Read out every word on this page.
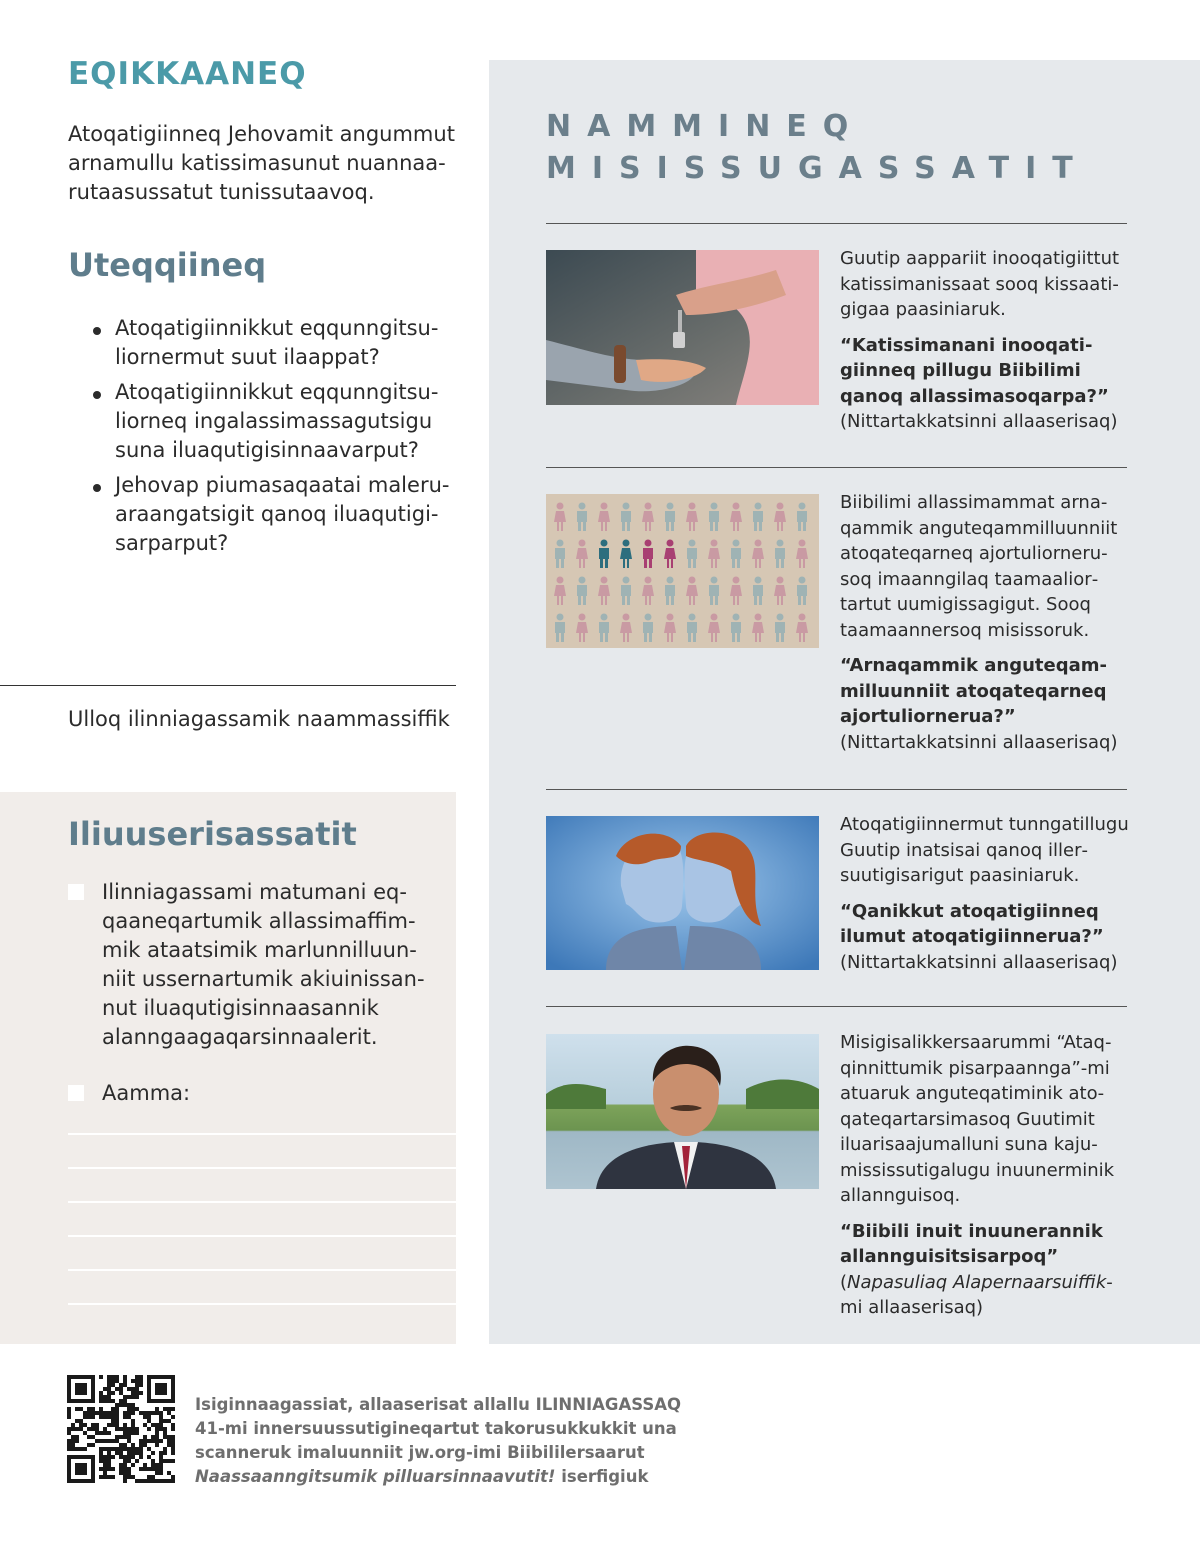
EQIKKAANEQ

Atoqatigiinneq Jehovamit angummut arnamullu katissimasunut nuannaarutaasussatut tunissutaavoq.

Uteqqiineq
Atoqatigiinnikkut eqqunngitsuliornermut suut ilaappat?
Atoqatigiinnikkut eqqunngitsuliorneq ingalassimassagutsigu suna iluaqutigisinnaavarput?
Jehovap piumasaqaatai maleruaraangatsigit qanoq iluaqutigisarparput?
Ulloq ilinniagassamik naammassiffik
Iliuuserisassatit
Ilinniagassami matumani eqqaaneqartumik allassimaffimmik ataatsimik marlunnilluunniit ussernartumik akiuinissannut iluaqutigisinnaasannik alanngaagaqarsinnaalerit.
Aamma:
NAMMINEQ
MISISSUGASSATIT
Guutip aappariit inooqatigiittut katissimanissaat sooq kissaatigigaa paasiniaruk.
“Katissimanani inooqatigiinneq pillugu Biibilimi qanoq allassimasoqarpa?”
(Nittartakkatsinni allaaserisaq)
Biibilimi allassimammat arnaqammik anguteqammilluunniit atoqateqarneq ajortuliornerusoq imaanngilaq taamaaliortartut uumigissagigut. Sooq taamaannersoq misissoruk.
“Arnaqammik anguteqammilluunniit atoqateqarneq ajortuliornerua?”
(Nittartakkatsinni allaaserisaq)
Atoqatigiinnermut tunngatillugu Guutip inatsisai qanoq illersuutigisarigut paasiniaruk.
“Qanikkut atoqatigiinneq ilumut atoqatigiinnerua?”
(Nittartakkatsinni allaaserisaq)
Misigisalikkersaarummi “Ataqqinnittumik pisarpaannga”-mi atuaruk anguteqatiminik atoqateqartarsimasoq Guutimit iluarisaajumalluni suna kajumississutigalugu inuunerminik allannguisoq.
“Biibili inuit inuunerannik allannguisitsisarpoq”
(Napasuliaq Alapernaarsuiffik-mi allaaserisaq)

Isiginnaagassiat, allaaserisat allallu ILINNIAGASSAQ 41-mi innersuussutigineqartut takorusukkukkit una scanneruk imaluunniit jw.org-imi Biibililersaarut Naassaanngitsumik pilluarsinnaavutit! iserfigiuk
